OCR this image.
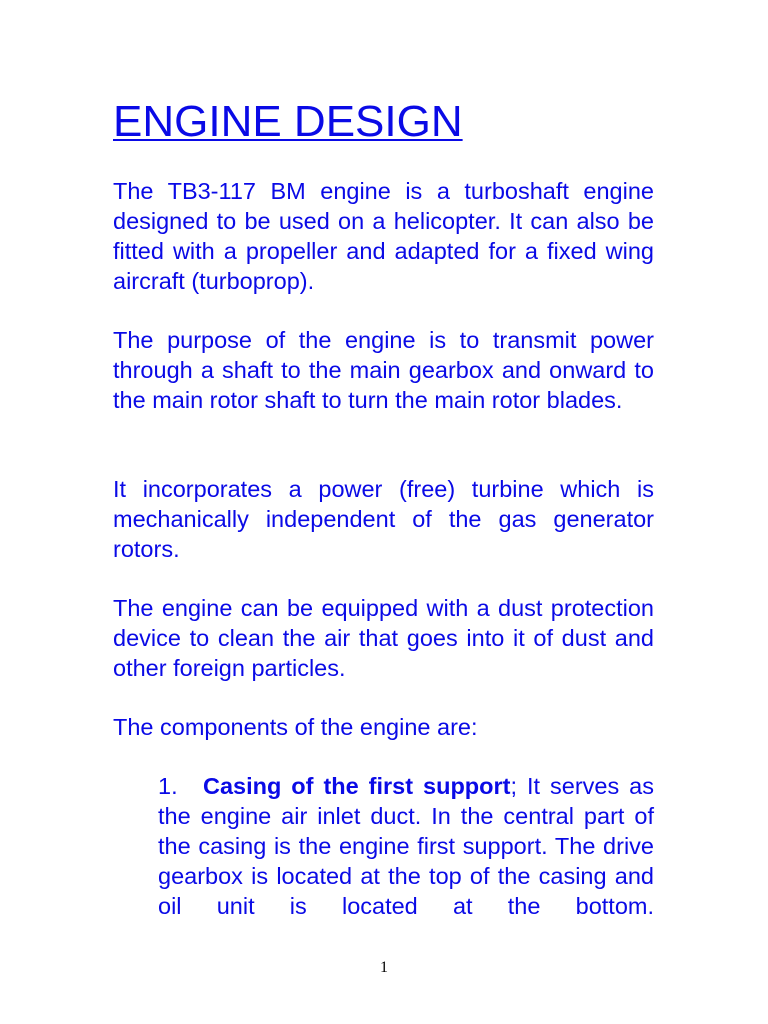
ENGINE DESIGN

The TB3-117 BM engine is a turboshaft engine designed to be used on a helicopter. It can also be fitted with a propeller and adapted for a fixed wing aircraft (turboprop).

The purpose of the engine is to transmit power through a shaft to the main gearbox and onward to the main rotor shaft to turn the main rotor blades.

It incorporates a power (free) turbine which is mechanically independent of the gas generator rotors.

The engine can be equipped with a dust protection device to clean the air that goes into it of dust and other foreign particles.

The components of the engine are:

1. Casing of the first support; It serves as the engine air inlet duct. In the central part of the casing is the engine first support. The drive gearbox is located at the top of the casing and oil unit is located at the bottom.

1
